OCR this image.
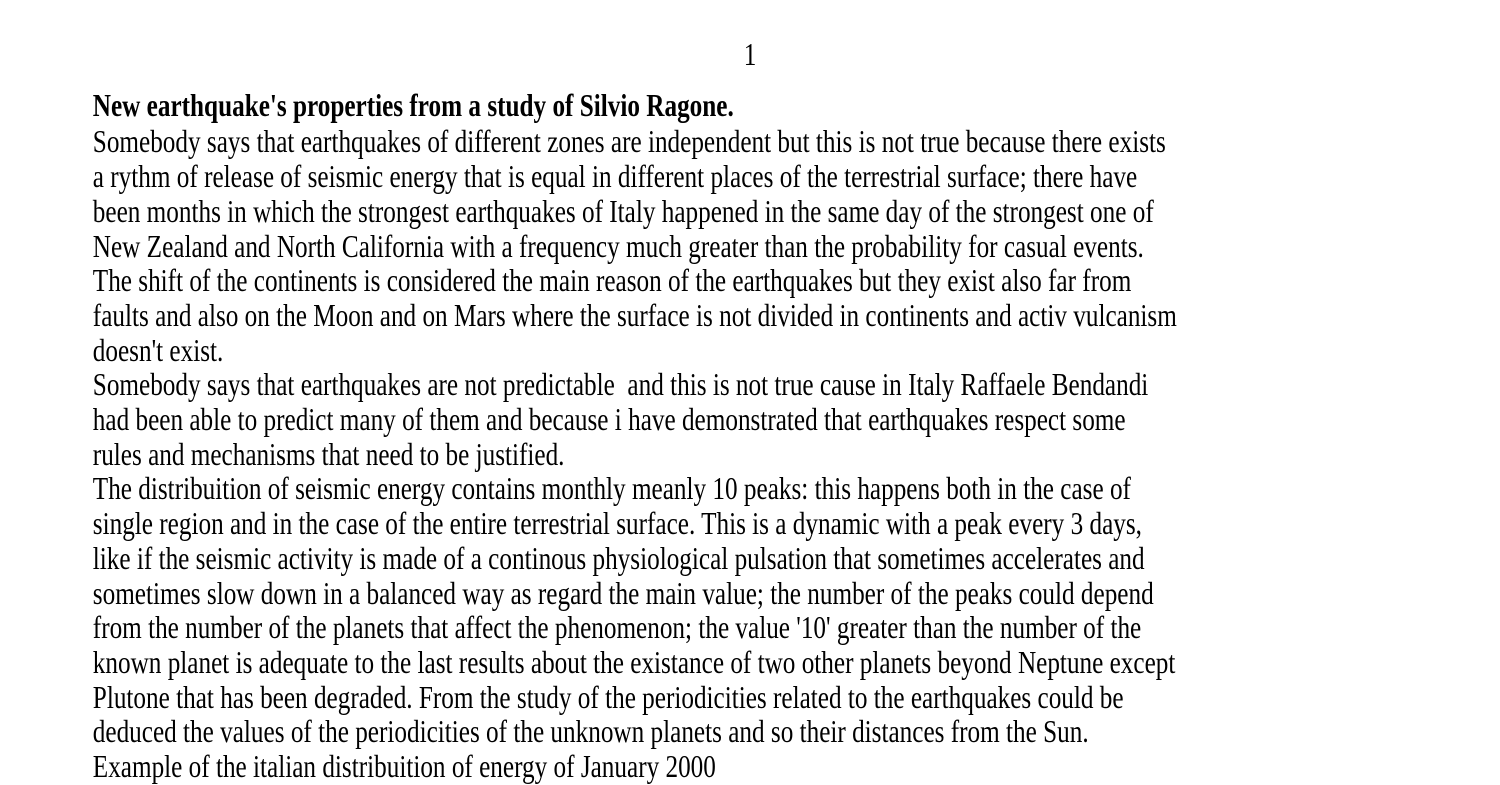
1
New earthquake's properties from a study of Silvio Ragone.
Somebody says that earthquakes of different zones are independent but this is not true because there exists
a rythm of release of seismic energy that is equal in different places of the terrestrial surface; there have
been months in which the strongest earthquakes of Italy happened in the same day of the strongest one of
New Zealand and North California with a frequency much greater than the probability for casual events.
The shift of the continents is considered the main reason of the earthquakes but they exist also far from
faults and also on the Moon and on Mars where the surface is not divided in continents and activ vulcanism
doesn't exist.
Somebody says that earthquakes are not predictable  and this is not true cause in Italy Raffaele Bendandi
had been able to predict many of them and because i have demonstrated that earthquakes respect some
rules and mechanisms that need to be justified.
The distribuition of seismic energy contains monthly meanly 10 peaks: this happens both in the case of
single region and in the case of the entire terrestrial surface. This is a dynamic with a peak every 3 days,
like if the seismic activity is made of a continous physiological pulsation that sometimes accelerates and
sometimes slow down in a balanced way as regard the main value; the number of the peaks could depend
from the number of the planets that affect the phenomenon; the value '10' greater than the number of the
known planet is adequate to the last results about the existance of two other planets beyond Neptune except
Plutone that has been degraded. From the study of the periodicities related to the earthquakes could be
deduced the values of the periodicities of the unknown planets and so their distances from the Sun.
Example of the italian distribuition of energy of January 2000
